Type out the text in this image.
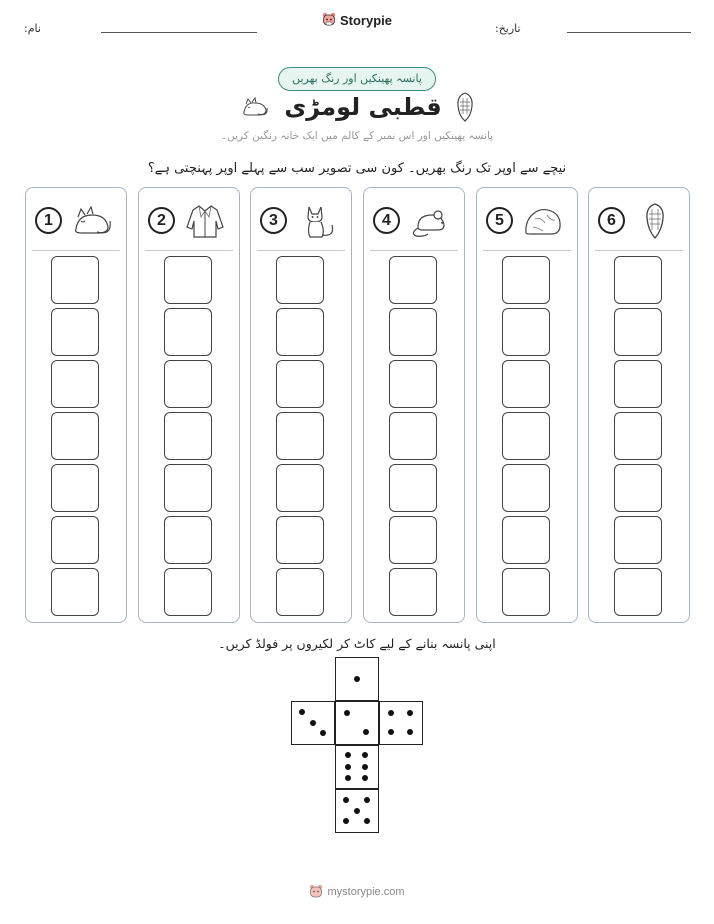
نام:
Storypie
تاریخ:
پانسہ پھینکیں اور رنگ بھریں
قطبی لومڑی
پانسہ پھینکیں اور اس نمبر کے کالم میں ایک خانہ رنگین کریں۔
نیچے سے اوپر تک رنگ بھریں۔ کون سی تصویر سب سے پہلے اوپر پہنچتی ہے؟
1	2	3	4	5	6
اپنی پانسہ بنانے کے لیے کاٹ کر لکیروں پر فولڈ کریں۔
mystorypie.com
